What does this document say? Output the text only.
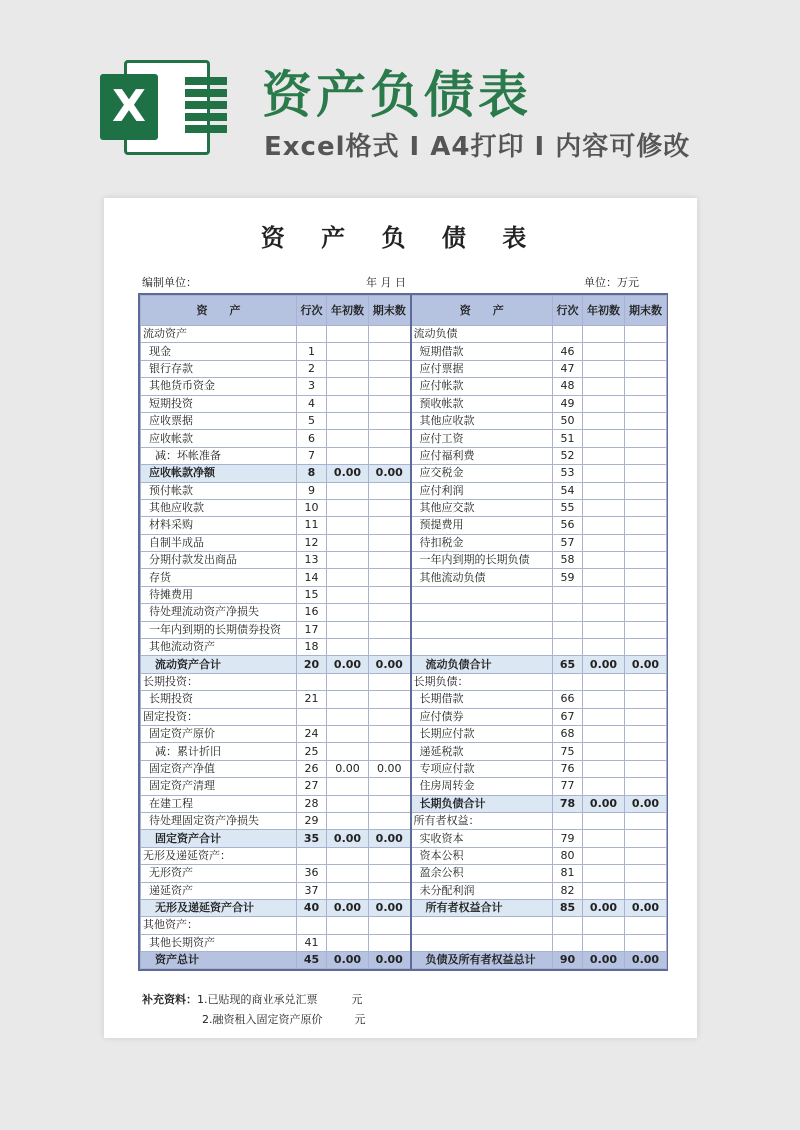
X 资产负债表
Excel格式 I A4打印 I 内容可修改
资 产 负 债 表
编制单位：	年 月 日	单位：万元
资　　产	行次	年初数	期末数	资　　产	行次	年初数	期末数
流动资产				流动负债			
现金	1			短期借款	46		
银行存款	2			应付票据	47		
其他货币资金	3			应付帐款	48		
短期投资	4			预收帐款	49		
应收票据	5			其他应收款	50		
应收帐款	6			应付工资	51		
减：坏帐准备	7			应付福利费	52		
应收帐款净额	8	0.00	0.00	应交税金	53		
预付帐款	9			应付利润	54		
其他应收款	10			其他应交款	55		
材料采购	11			预提费用	56		
自制半成品	12			待扣税金	57		
分期付款发出商品	13			一年内到期的长期负债	58		
存货	14			其他流动负债	59		
待摊费用	15						
待处理流动资产净损失	16						
一年内到期的长期债券投资	17						
其他流动资产	18						
流动资产合计	20	0.00	0.00	流动负债合计	65	0.00	0.00
长期投资：				长期负债：			
长期投资	21			长期借款	66		
固定投资：				应付债券	67		
固定资产原价	24			长期应付款	68		
减：累计折旧	25			递延税款	75		
固定资产净值	26	0.00	0.00	专项应付款	76		
固定资产清理	27			住房周转金	77		
在建工程	28			长期负债合计	78	0.00	0.00
待处理固定资产净损失	29			所有者权益：			
固定资产合计	35	0.00	0.00	实收资本	79		
无形及递延资产：				资本公积	80		
无形资产	36			盈余公积	81		
递延资产	37			未分配利润	82		
无形及递延资产合计	40	0.00	0.00	所有者权益合计	85	0.00	0.00
其他资产：							
其他长期资产	41						
资产总计	45	0.00	0.00	负债及所有者权益总计	90	0.00	0.00
补充资料：1.已贴现的商业承兑汇票	元
2.融资租入固定资产原价	元
